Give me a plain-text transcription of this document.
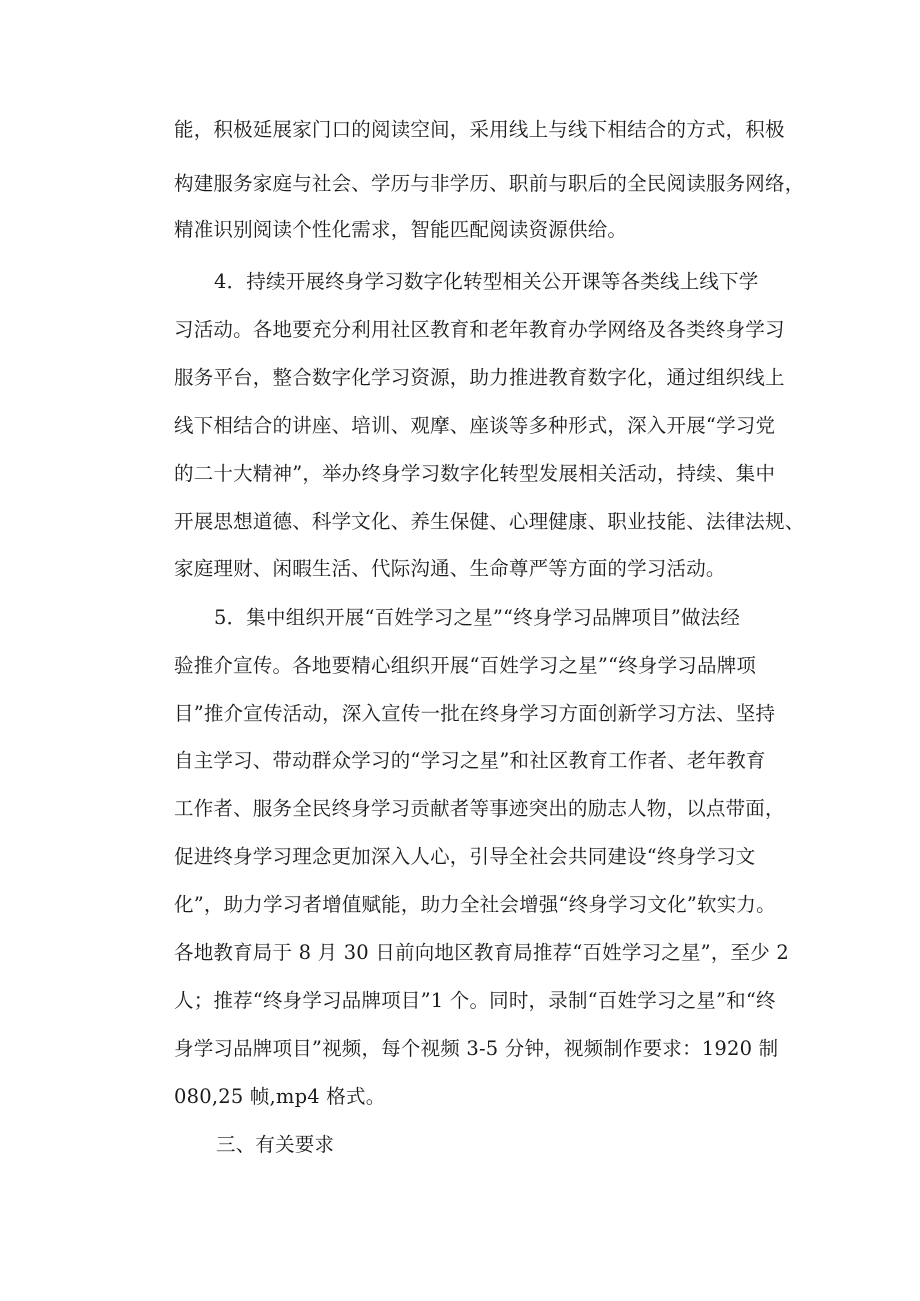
能，积极延展家门口的阅读空间，采用线上与线下相结合的方式，积极
构建服务家庭与社会、学历与非学历、职前与职后的全民阅读服务网络，
精准识别阅读个性化需求，智能匹配阅读资源供给。
4．持续开展终身学习数字化转型相关公开课等各类线上线下学
习活动。各地要充分利用社区教育和老年教育办学网络及各类终身学习
服务平台，整合数字化学习资源，助力推进教育数字化，通过组织线上
线下相结合的讲座、培训、观摩、座谈等多种形式，深入开展“学习党
的二十大精神”，举办终身学习数字化转型发展相关活动，持续、集中
开展思想道德、科学文化、养生保健、心理健康、职业技能、法律法规、
家庭理财、闲暇生活、代际沟通、生命尊严等方面的学习活动。
5．集中组织开展“百姓学习之星”“终身学习品牌项目”做法经
验推介宣传。各地要精心组织开展“百姓学习之星”“终身学习品牌项
目”推介宣传活动，深入宣传一批在终身学习方面创新学习方法、坚持
自主学习、带动群众学习的“学习之星”和社区教育工作者、老年教育
工作者、服务全民终身学习贡献者等事迹突出的励志人物，以点带面，
促进终身学习理念更加深入人心，引导全社会共同建设“终身学习文
化”，助力学习者增值赋能，助力全社会增强“终身学习文化”软实力。
各地教育局于 8 月 30 日前向地区教育局推荐“百姓学习之星”，至少 2
人；推荐“终身学习品牌项目”1 个。同时，录制“百姓学习之星”和“终
身学习品牌项目”视频，每个视频 3-5 分钟，视频制作要求：1920 制
080,25 帧,mp4 格式。
三、有关要求
